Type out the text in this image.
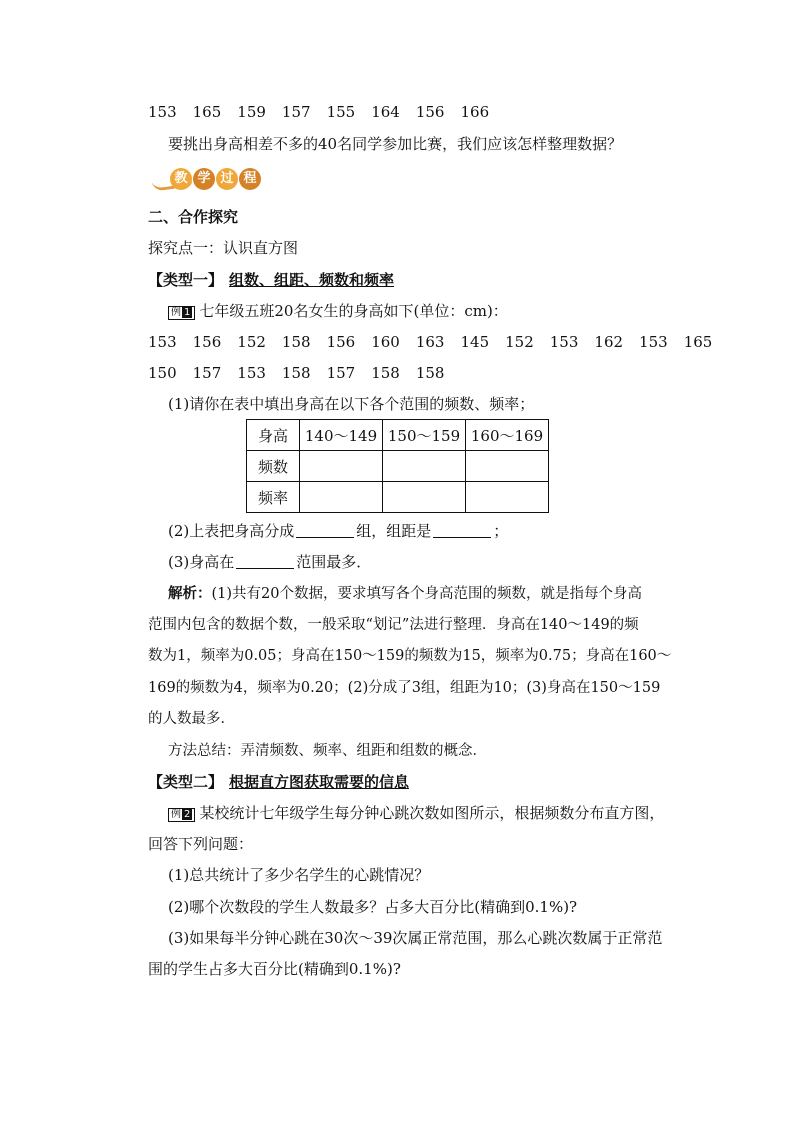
153 165 159 157 155 164 156 166
要挑出身高相差不多的40名同学参加比赛，我们应该怎样整理数据？
教 学 过 程
二、合作探究
探究点一：认识直方图
【类型一】 组数、组距、频数和频率
例 1 七年级五班20名女生的身高如下(单位：cm)：
153 156 152 158 156 160 163 145 152 153 162 153 165
150 157 153 158 157 158 158
(1)请你在表中填出身高在以下各个范围的频数、频率；
身高	140～149	150～159	160～169
频数			
频率			
(2)上表把身高分成	组，组距是	；
(3)身高在	范围最多．
解析：(1)共有20个数据，要求填写各个身高范围的频数，就是指每个身高
范围内包含的数据个数，一般采取“划记”法进行整理．身高在140～149的频
数为1，频率为0.05；身高在150～159的频数为15，频率为0.75；身高在160～
169的频数为4，频率为0.20；(2)分成了3组，组距为10；(3)身高在150～159
的人数最多．
方法总结：弄清频数、频率、组距和组数的概念．
【类型二】 根据直方图获取需要的信息
例 2 某校统计七年级学生每分钟心跳次数如图所示，根据频数分布直方图，
回答下列问题：
(1)总共统计了多少名学生的心跳情况？
(2)哪个次数段的学生人数最多？占多大百分比(精确到0.1%)?
(3)如果每半分钟心跳在30次～39次属正常范围，那么心跳次数属于正常范
围的学生占多大百分比(精确到0.1%)?
